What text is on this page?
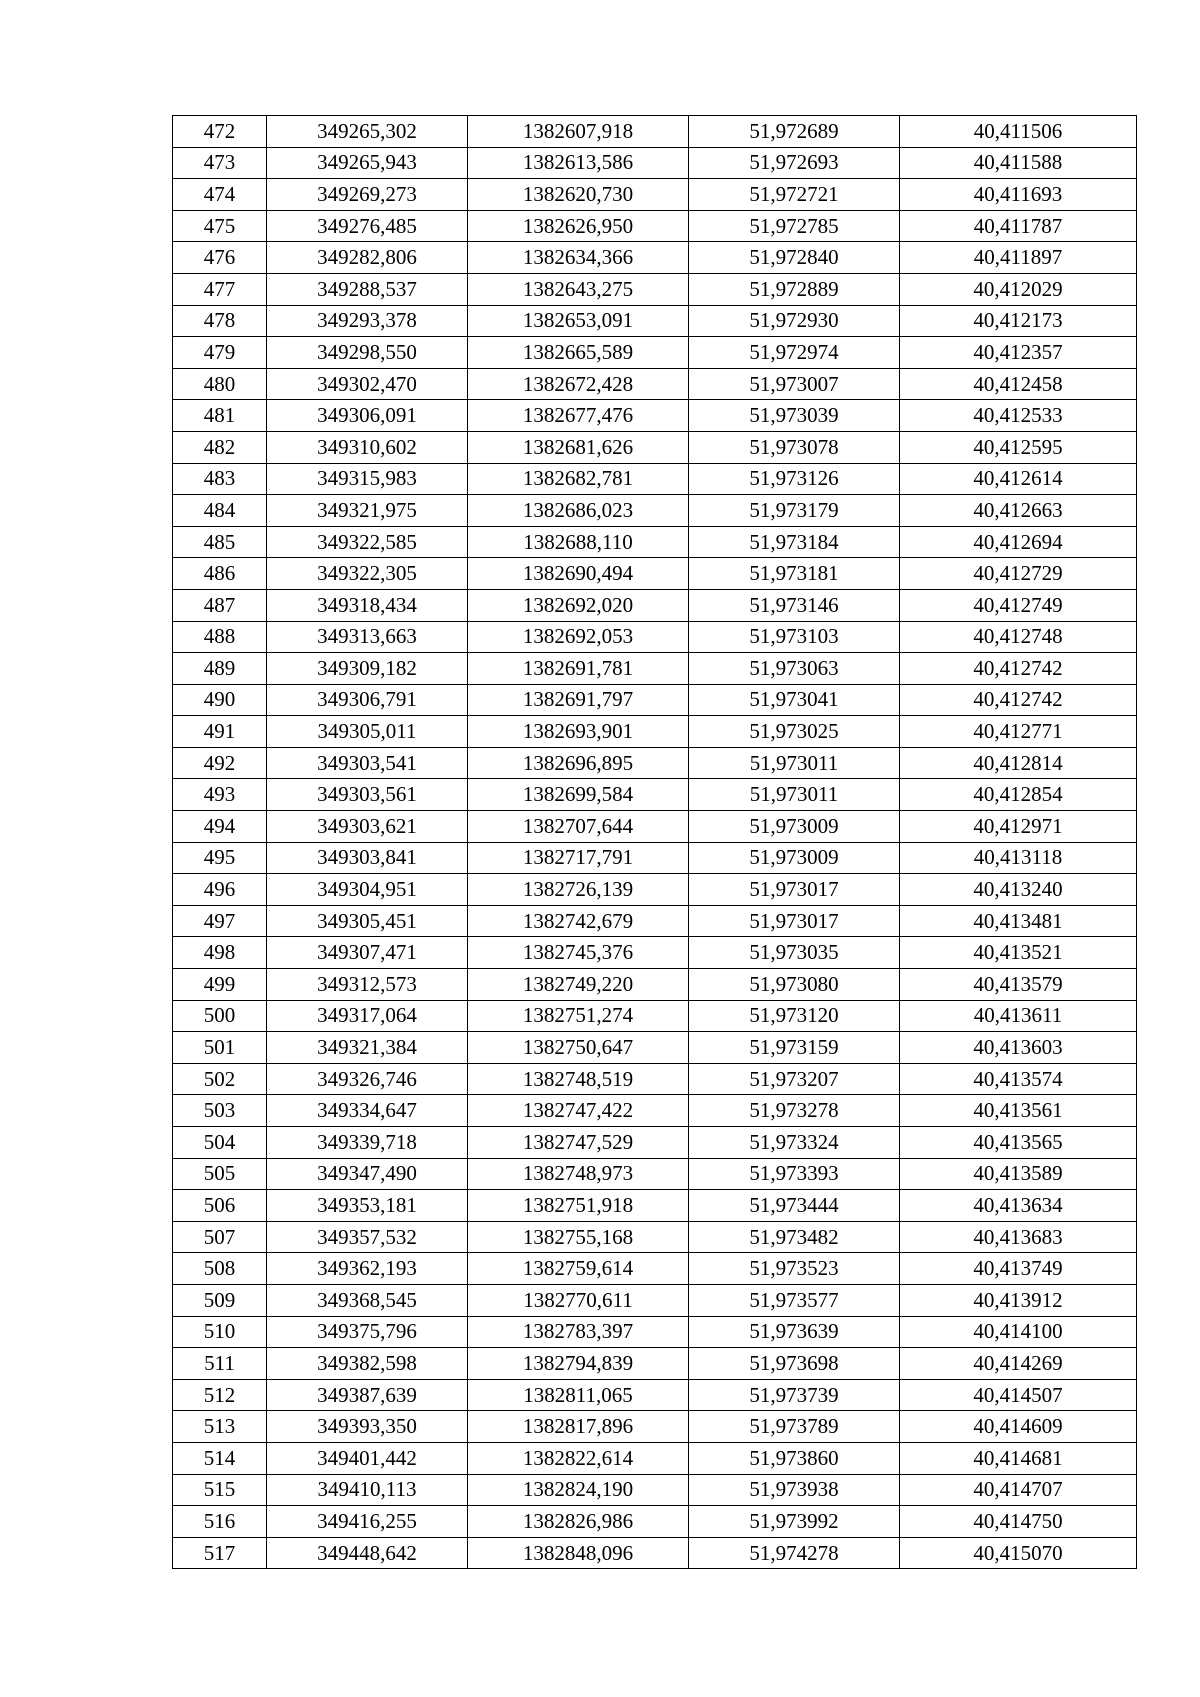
472	349265,302	1382607,918	51,972689	40,411506
473	349265,943	1382613,586	51,972693	40,411588
474	349269,273	1382620,730	51,972721	40,411693
475	349276,485	1382626,950	51,972785	40,411787
476	349282,806	1382634,366	51,972840	40,411897
477	349288,537	1382643,275	51,972889	40,412029
478	349293,378	1382653,091	51,972930	40,412173
479	349298,550	1382665,589	51,972974	40,412357
480	349302,470	1382672,428	51,973007	40,412458
481	349306,091	1382677,476	51,973039	40,412533
482	349310,602	1382681,626	51,973078	40,412595
483	349315,983	1382682,781	51,973126	40,412614
484	349321,975	1382686,023	51,973179	40,412663
485	349322,585	1382688,110	51,973184	40,412694
486	349322,305	1382690,494	51,973181	40,412729
487	349318,434	1382692,020	51,973146	40,412749
488	349313,663	1382692,053	51,973103	40,412748
489	349309,182	1382691,781	51,973063	40,412742
490	349306,791	1382691,797	51,973041	40,412742
491	349305,011	1382693,901	51,973025	40,412771
492	349303,541	1382696,895	51,973011	40,412814
493	349303,561	1382699,584	51,973011	40,412854
494	349303,621	1382707,644	51,973009	40,412971
495	349303,841	1382717,791	51,973009	40,413118
496	349304,951	1382726,139	51,973017	40,413240
497	349305,451	1382742,679	51,973017	40,413481
498	349307,471	1382745,376	51,973035	40,413521
499	349312,573	1382749,220	51,973080	40,413579
500	349317,064	1382751,274	51,973120	40,413611
501	349321,384	1382750,647	51,973159	40,413603
502	349326,746	1382748,519	51,973207	40,413574
503	349334,647	1382747,422	51,973278	40,413561
504	349339,718	1382747,529	51,973324	40,413565
505	349347,490	1382748,973	51,973393	40,413589
506	349353,181	1382751,918	51,973444	40,413634
507	349357,532	1382755,168	51,973482	40,413683
508	349362,193	1382759,614	51,973523	40,413749
509	349368,545	1382770,611	51,973577	40,413912
510	349375,796	1382783,397	51,973639	40,414100
511	349382,598	1382794,839	51,973698	40,414269
512	349387,639	1382811,065	51,973739	40,414507
513	349393,350	1382817,896	51,973789	40,414609
514	349401,442	1382822,614	51,973860	40,414681
515	349410,113	1382824,190	51,973938	40,414707
516	349416,255	1382826,986	51,973992	40,414750
517	349448,642	1382848,096	51,974278	40,415070
